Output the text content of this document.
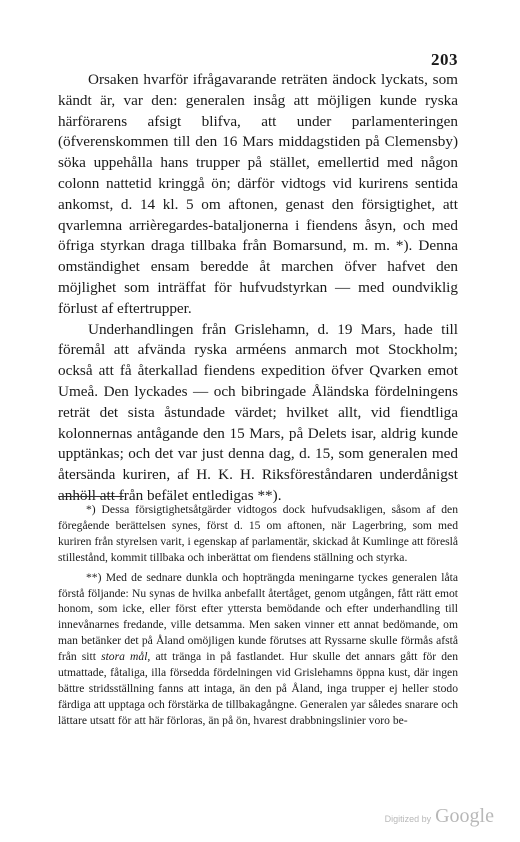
203

Orsaken hvarför ifrågavarande reträten ändock lyckats, som kändt är, var den: generalen insåg att möjligen kunde ryska härförarens afsigt blifva, att under parlamenteringen (öfverenskommen till den 16 Mars middagstiden på Clemensby) söka uppehålla hans trupper på stället, emellertid med någon colonn nattetid kringgå ön; därför vidtogs vid kurirens sentida ankomst, d. 14 kl. 5 om aftonen, genast den försigtighet, att qvarlemna arrièregardes-bataljonerna i fiendens åsyn, och med öfriga styrkan draga tillbaka från Bomarsund, m. m. *). Denna omständighet ensam beredde åt marchen öfver hafvet den möjlighet som inträffat för hufvudstyrkan — med oundviklig förlust af eftertrupper.

Underhandlingen från Grislehamn, d. 19 Mars, hade till föremål att afvända ryska arméens anmarch mot Stockholm; också att få återkallad fiendens expedition öfver Qvarken emot Umeå. Den lyckades — och bibringade Åländska fördelningens reträt det sista åstundade värdet; hvilket allt, vid fiendtliga kolonnernas antågande den 15 Mars, på Delets isar, aldrig kunde upptänkas; och det var just denna dag, d. 15, som generalen med återsända kuriren, af H. K. H. Riksföreståndaren underdånigst anhöll att från befälet entledigas **).

*) Dessa försigtighetsåtgärder vidtogos dock hufvudsakligen, såsom af den föregående berättelsen synes, först d. 15 om aftonen, när Lagerbring, som med kuriren från styrelsen varit, i egenskap af parlamentär, skickad åt Kumlinge att föreslå stillestånd, kommit tillbaka och inberättat om fiendens ställning och styrka.

**) Med de sednare dunkla och hopträngda meningarne tyckes generalen låta förstå följande: Nu synas de hvilka anbefallt återtåget, genom utgången, fått rätt emot honom, som icke, eller först efter yttersta bemödande och efter underhandling till innevånarnes fredande, ville detsamma. Men saken vinner ett annat bedömande, om man betänker det på Åland omöjligen kunde förutses att Ryssarne skulle förmås afstå från sitt stora mål, att tränga in på fastlandet. Hur skulle det annars gått för den utmattade, fåtaliga, illa försedda fördelningen vid Grislehamns öppna kust, där ingen bättre stridsställning fanns att intaga, än den på Åland, inga trupper ej heller stodo färdiga att upptaga och förstärka de tillbakagångne. Generalen yar således snarare och lättare utsatt för att här förloras, än på ön, hvarest drabbningslinier voro be-

Digitized by Google
